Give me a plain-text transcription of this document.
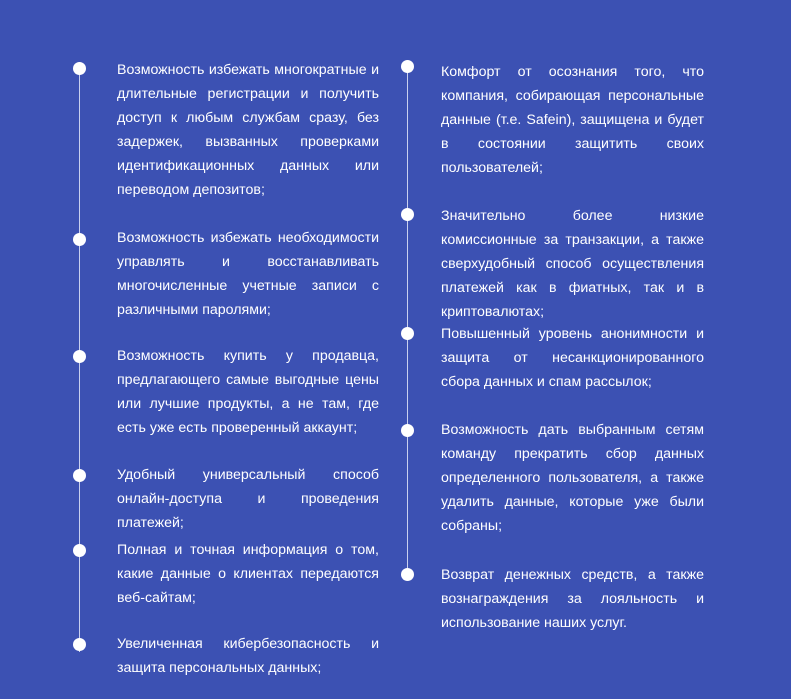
Возможность избежать многократные и длительные регистрации и получить доступ к любым службам сразу, без задержек, вызванных проверками идентификационных данных или переводом депозитов;

Возможность избежать необходимости управлять и восстанавливать многочисленные учетные записи с различными паролями;

Возможность купить у продавца, предлагающего самые выгодные цены или лучшие продукты, а не там, где есть уже есть проверенный аккаунт;

Удобный универсальный способ онлайн-доступа и проведения платежей;

Полная и точная информация о том, какие данные о клиентах передаются веб-сайтам;

Увеличенная кибербезопасность и защита персональных данных;

Комфорт от осознания того, что компания, собирающая персональные данные (т.е. Safein), защищена и будет в состоянии защитить своих пользователей;

Значительно более низкие комиссионные за транзакции, а также сверхудобный способ осуществления платежей как в фиатных, так и в криптовалютах;

Повышенный уровень анонимности и защита от несанкционированного сбора данных и спам рассылок;

Возможность дать выбранным сетям команду прекратить сбор данных определенного пользователя, а также удалить данные, которые уже были собраны;

Возврат денежных средств, а также вознаграждения за лояльность и использование наших услуг.
